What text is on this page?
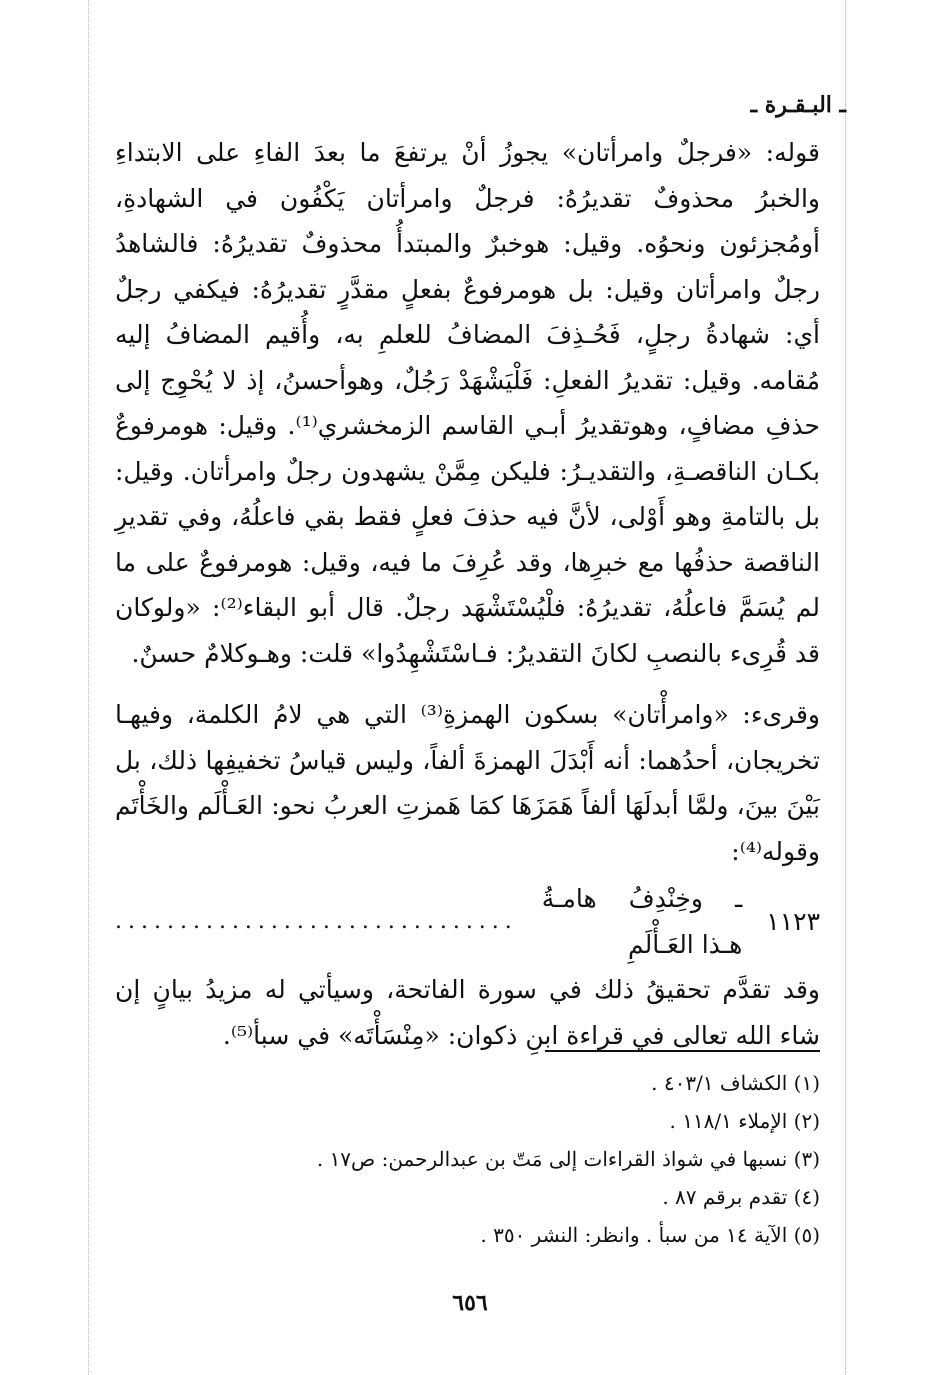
ـ البـقـرة ـ

قوله: «فرجلٌ وامرأتان» يجوزُ أنْ يرتفعَ ما بعدَ الفاءِ على الابتداءِ والخبرُ محذوفٌ تقديرُهُ: فرجلٌ وامرأتان يَكْفُون في الشهادةِ، أومُجزئون ونحوُه. وقيل: هوخبرٌ والمبتدأُ محذوفٌ تقديرُهُ: فالشاهدُ رجلٌ وامرأتان وقيل: بل هومرفوعٌ بفعلٍ مقدَّرٍ تقديرُهُ: فيكفي رجلٌ أي: شهادةُ رجلٍ، فَحُـذِفَ المضافُ للعلمِ به، وأُقيم المضافُ إليه مُقامه. وقيل: تقديرُ الفعلِ: فَلْيَشْهَدْ رَجُلٌ، وهوأحسنُ، إذ لا يُحْوِج إلى حذفِ مضافٍ، وهوتقديرُ أبـي القاسم الزمخشري⁽¹⁾. وقيل: هومرفوعٌ بكـان الناقصـةِ، والتقديـرُ: فليكن مِمَّنْ يشهدون رجلٌ وامرأتان. وقيل: بل بالتامةِ وهو أَوْلى، لأنَّ فيه حذفَ فعلٍ فقط بقي فاعلُهُ، وفي تقديرِ الناقصة حذفُها مع خبرِها، وقد عُرِفَ ما فيه، وقيل: هومرفوعٌ على ما لم يُسَمَّ فاعلُهُ، تقديرُهُ: فلْيُسْتَشْهَد رجلٌ. قال أبو البقاء⁽²⁾: «ولوكان قد قُرِىء بالنصبِ لكانَ التقديرُ: فـاسْتَشْهِدُوا» قلت: وهـوكلامٌ حسنٌ.

وقرىء: «وامرأْتان» بسكون الهمزةِ⁽³⁾ التي هي لامُ الكلمة، وفيهـا تخريجان، أحدُهما: أنه أَبْدَلَ الهمزةَ ألفاً، وليس قياسُ تخفيفِها ذلك، بل بَيْنَ بينَ، ولمَّا أبدلَهَا ألفاً هَمَزَهَا كمَا هَمزتِ العربُ نحو: العَـأْلَم والخَأْتَم وقوله⁽⁴⁾:

١١٢٣
ـ وخِنْدِفُ هامـةُ هـذا العَـأْلَمِ
...............................

وقد تقدَّم تحقيقُ ذلك في سورة الفاتحة، وسيأتي له مزيدُ بيانٍ إن شاء الله تعالى في قراءة ابنِ ذكوان: «مِنْسَأْتَه» في سبأ⁽⁵⁾.

(١) الكشاف ٤٠٣/١ .
(٢) الإملاء ١١٨/١ .
(٣) نسبها في شواذ القراءات إلى مَتّ بن عبدالرحمن: ص١٧ .
(٤) تقدم برقم ٨٧ .
(٥) الآية ١٤ من سبأ . وانظر: النشر ٣٥٠ .
٦٥٦
